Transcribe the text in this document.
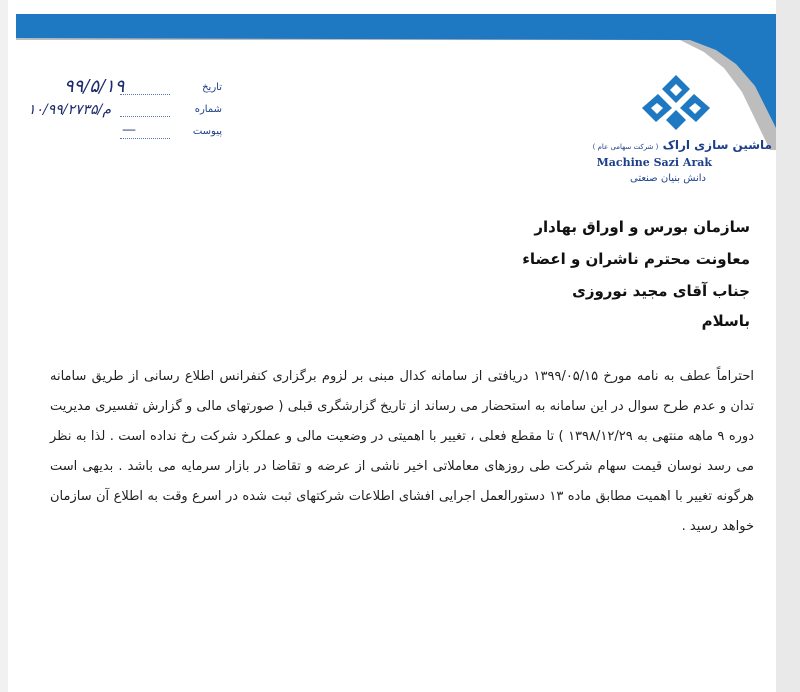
ماشین سازی اراک ( شرکت سهامی عام )
Machine Sazi Arak
دانش بنیان صنعتی
تاریخ
۹۹/۵/۱۹
شماره
۱۰/م/۹۹/۲۷۳۵
پیوست
—
سازمان بورس و اوراق بهادار
معاونت محترم ناشران و اعضاء
جناب آقای مجید نوروزی
باسلام
احتراماً عطف به نامه مورخ ۱۳۹۹/۰۵/۱۵ دریافتی از سامانه کدال مبنی بر لزوم برگزاری کنفرانس اطلاع رسانی از طریق سامانه تدان و عدم طرح سوال در این سامانه به استحضار می رساند از تاریخ گزارشگری قبلی ( صورتهای مالی و گزارش تفسیری مدیریت دوره ۹ ماهه منتهی به ۱۳۹۸/۱۲/۲۹ ) تا مقطع فعلی ، تغییر با اهمیتی در وضعیت مالی و عملکرد شرکت رخ نداده است . لذا به نظر می رسد نوسان قیمت سهام شرکت طی روزهای معاملاتی اخیر ناشی از عرضه و تقاضا در بازار سرمایه می باشد . بدیهی است هرگونه تغییر با اهمیت مطابق ماده ۱۳ دستورالعمل اجرایی افشای اطلاعات شرکتهای ثبت شده در اسرع وقت به اطلاع آن سازمان خواهد رسید .
